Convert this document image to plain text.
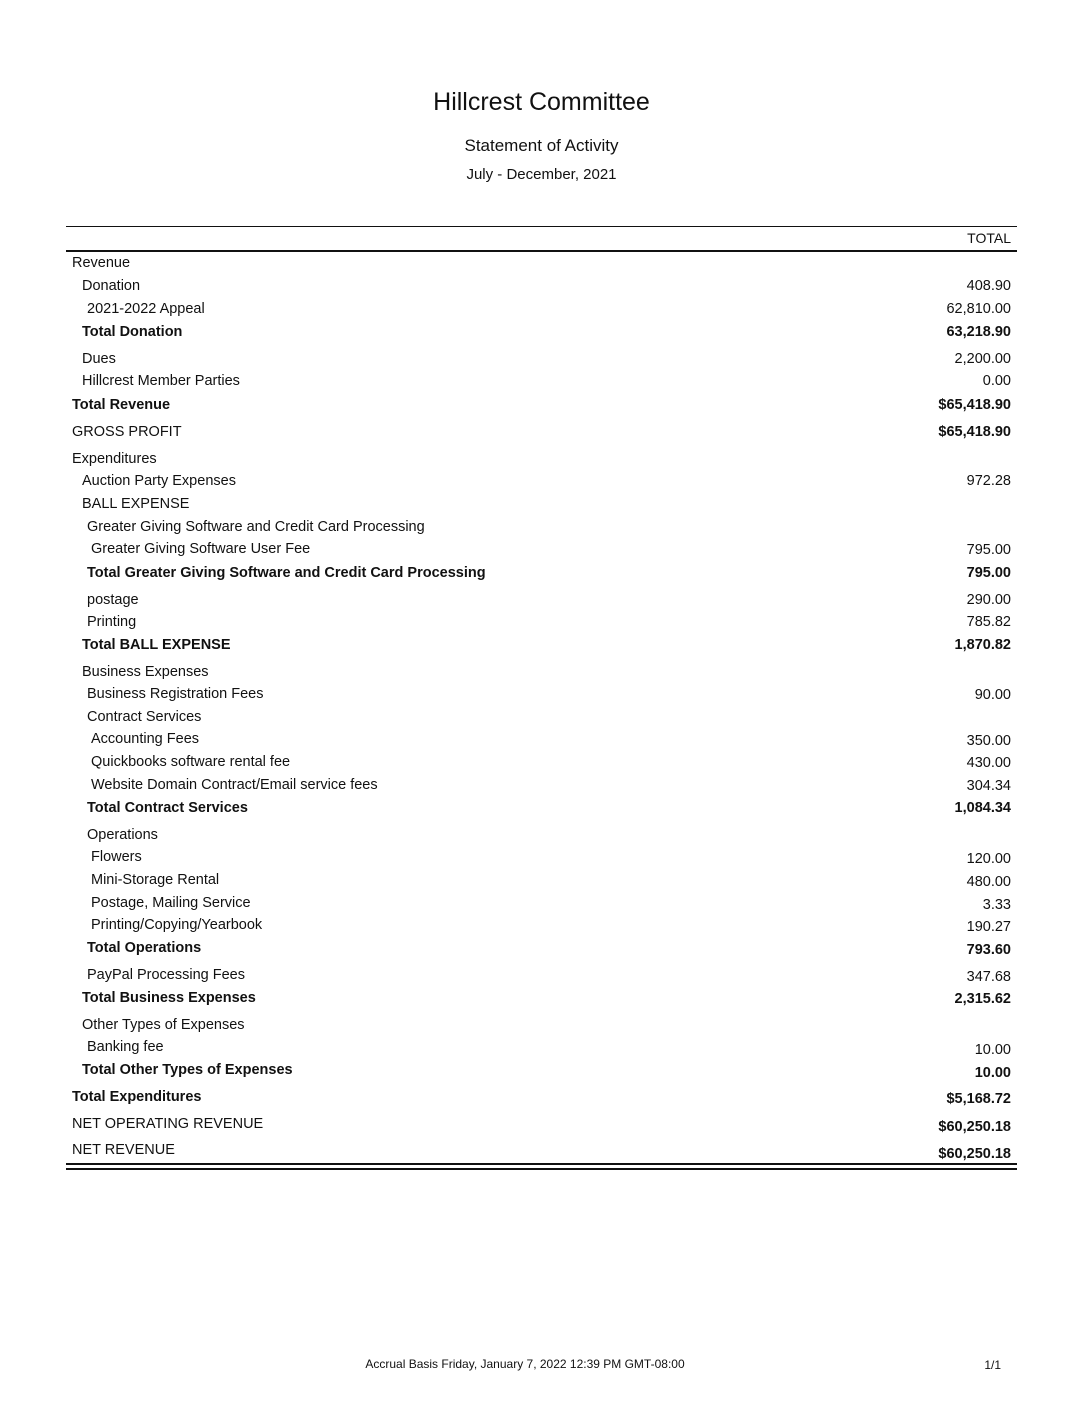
Hillcrest Committee
Statement of Activity
July - December, 2021
TOTAL
Revenue
Donation	408.90
2021-2022 Appeal	62,810.00
Total Donation	63,218.90
Dues	2,200.00
Hillcrest Member Parties	0.00
Total Revenue	$65,418.90
GROSS PROFIT	$65,418.90
Expenditures
Auction Party Expenses	972.28
BALL EXPENSE
Greater Giving Software and Credit Card Processing
Greater Giving Software User Fee	795.00
Total Greater Giving Software and Credit Card Processing	795.00
postage	290.00
Printing	785.82
Total BALL EXPENSE	1,870.82
Business Expenses
Business Registration Fees	90.00
Contract Services
Accounting Fees	350.00
Quickbooks software rental fee	430.00
Website Domain Contract/Email service fees	304.34
Total Contract Services	1,084.34
Operations
Flowers	120.00
Mini-Storage Rental	480.00
Postage, Mailing Service	3.33
Printing/Copying/Yearbook	190.27
Total Operations	793.60
PayPal Processing Fees	347.68
Total Business Expenses	2,315.62
Other Types of Expenses
Banking fee	10.00
Total Other Types of Expenses	10.00
Total Expenditures	$5,168.72
NET OPERATING REVENUE	$60,250.18
NET REVENUE	$60,250.18
Accrual Basis Friday, January 7, 2022 12:39 PM GMT-08:00	1/1
